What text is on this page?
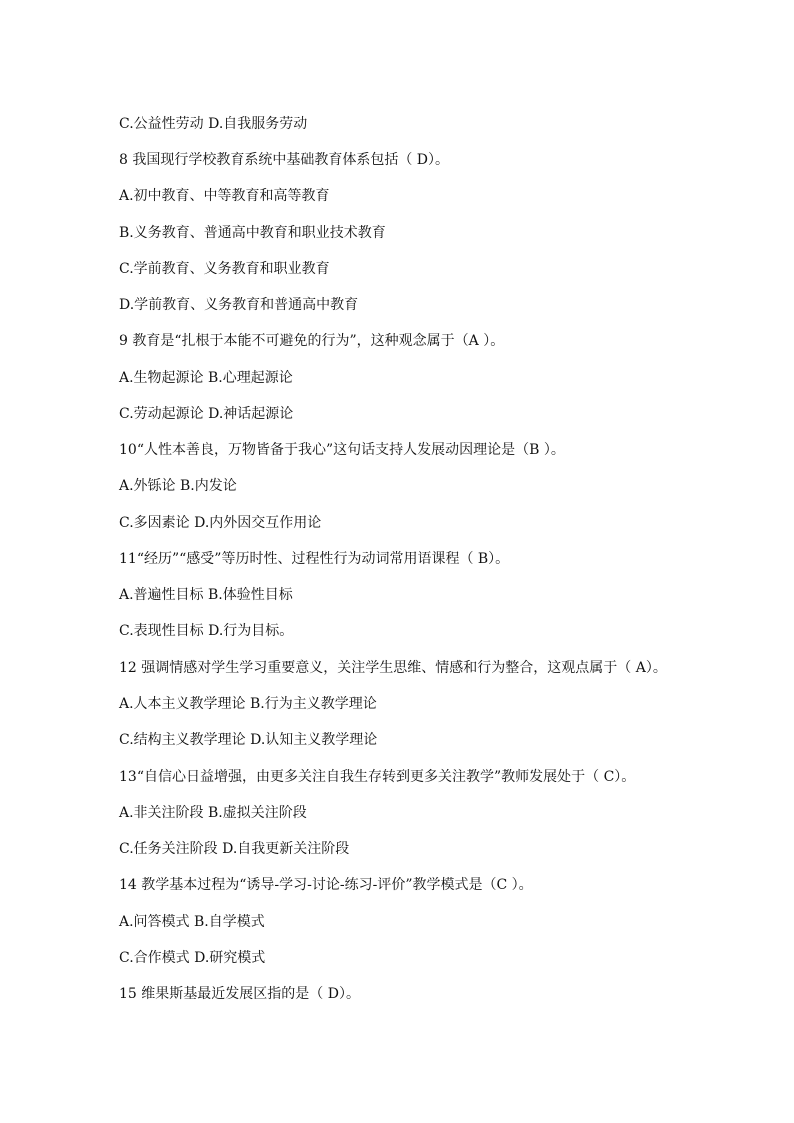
C.公益性劳动 D.自我服务劳动
8 我国现行学校教育系统中基础教育体系包括（ D）。
A.初中教育、中等教育和高等教育
B.义务教育、普通高中教育和职业技术教育
C.学前教育、义务教育和职业教育
D.学前教育、义务教育和普通高中教育
9 教育是“扎根于本能不可避免的行为”，这种观念属于（A ）。
A.生物起源论 B.心理起源论
C.劳动起源论 D.神话起源论
10“人性本善良，万物皆备于我心”这句话支持人发展动因理论是（B ）。
A.外铄论 B.内发论
C.多因素论 D.内外因交互作用论
11“经历”“感受”等历时性、过程性行为动词常用语课程（ B）。
A.普遍性目标 B.体验性目标
C.表现性目标 D.行为目标。
12 强调情感对学生学习重要意义，关注学生思维、情感和行为整合，这观点属于（ A）。
A.人本主义教学理论 B.行为主义教学理论
C.结构主义教学理论 D.认知主义教学理论
13“自信心日益增强，由更多关注自我生存转到更多关注教学”教师发展处于（ C）。
A.非关注阶段 B.虚拟关注阶段
C.任务关注阶段 D.自我更新关注阶段
14 教学基本过程为“诱导-学习-讨论-练习-评价”教学模式是（C ）。
A.问答模式 B.自学模式
C.合作模式 D.研究模式
15 维果斯基最近发展区指的是（ D）。
